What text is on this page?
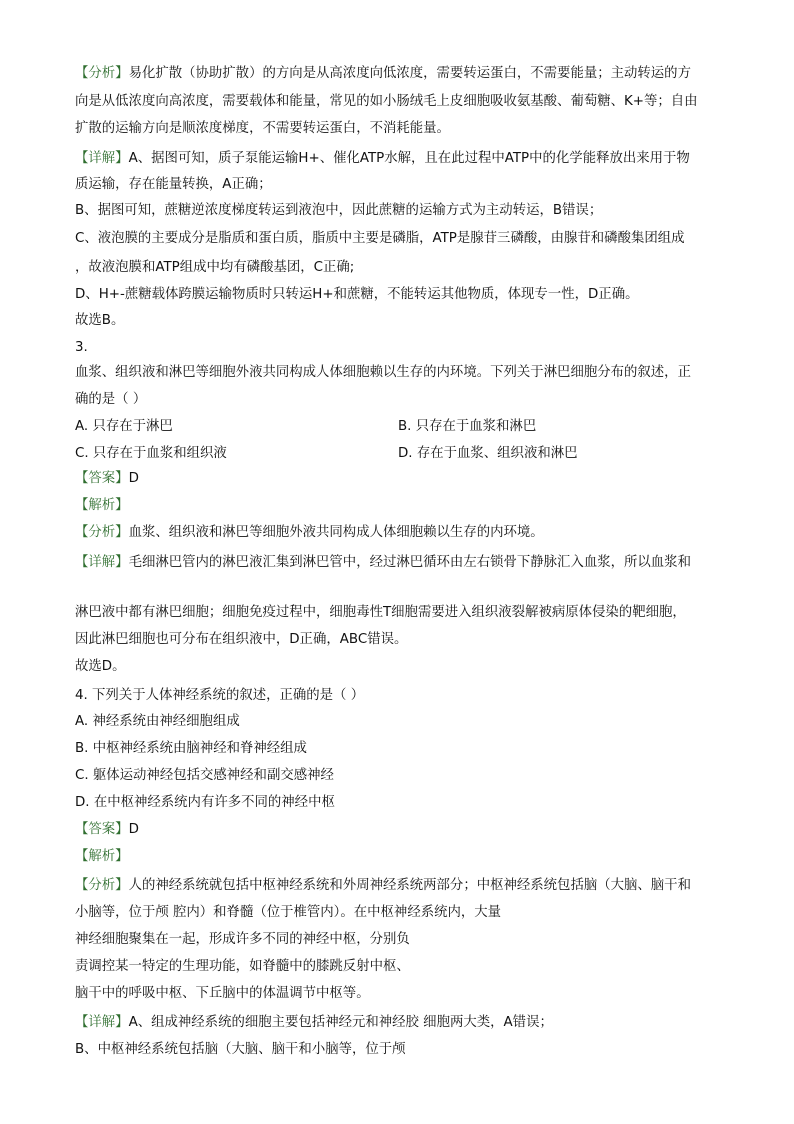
【分析】易化扩散（协助扩散）的方向是从高浓度向低浓度，需要转运蛋白，不需要能量；主动转运的方
向是从低浓度向高浓度，需要载体和能量，常见的如小肠绒毛上皮细胞吸收氨基酸、葡萄糖、K+等；自由
扩散的运输方向是顺浓度梯度，不需要转运蛋白，不消耗能量。
【详解】A、据图可知，质子泵能运输H+、催化ATP水解，且在此过程中ATP中的化学能释放出来用于物
质运输，存在能量转换，A正确；
B、据图可知，蔗糖逆浓度梯度转运到液泡中，因此蔗糖的运输方式为主动转运，B错误；
C、液泡膜的主要成分是脂质和蛋白质，脂质中主要是磷脂，ATP是腺苷三磷酸，由腺苷和磷酸集团组成
，故液泡膜和ATP组成中均有磷酸基团，C正确;
D、H+-蔗糖载体跨膜运输物质时只转运H+和蔗糖，不能转运其他物质，体现专一性，D正确。
故选B。
3.
血浆、组织液和淋巴等细胞外液共同构成人体细胞赖以生存的内环境。下列关于淋巴细胞分布的叙述，正
确的是（ ）
A. 只存在于淋巴	B. 只存在于血浆和淋巴
C. 只存在于血浆和组织液	D. 存在于血浆、组织液和淋巴
【答案】D
【解析】
【分析】血浆、组织液和淋巴等细胞外液共同构成人体细胞赖以生存的内环境。
【详解】毛细淋巴管内的淋巴液汇集到淋巴管中，经过淋巴循环由左右锁骨下静脉汇入血浆，所以血浆和
淋巴液中都有淋巴细胞；细胞免疫过程中，细胞毒性T细胞需要进入组织液裂解被病原体侵染的靶细胞，
因此淋巴细胞也可分布在组织液中，D正确，ABC错误。
故选D。
4. 下列关于人体神经系统的叙述，正确的是（ ）
A. 神经系统由神经细胞组成
B. 中枢神经系统由脑神经和脊神经组成
C. 躯体运动神经包括交感神经和副交感神经
D. 在中枢神经系统内有许多不同的神经中枢
【答案】D
【解析】
【分析】人的神经系统就包括中枢神经系统和外周神经系统两部分；中枢神经系统包括脑（大脑、脑干和
小脑等，位于颅 腔内）和脊髓（位于椎管内）。在中枢神经系统内，大量
神经细胞聚集在一起，形成许多不同的神经中枢，分别负
责调控某一特定的生理功能，如脊髓中的膝跳反射中枢、
脑干中的呼吸中枢、下丘脑中的体温调节中枢等。
【详解】A、组成神经系统的细胞主要包括神经元和神经胶 细胞两大类，A错误；
B、中枢神经系统包括脑（大脑、脑干和小脑等，位于颅
